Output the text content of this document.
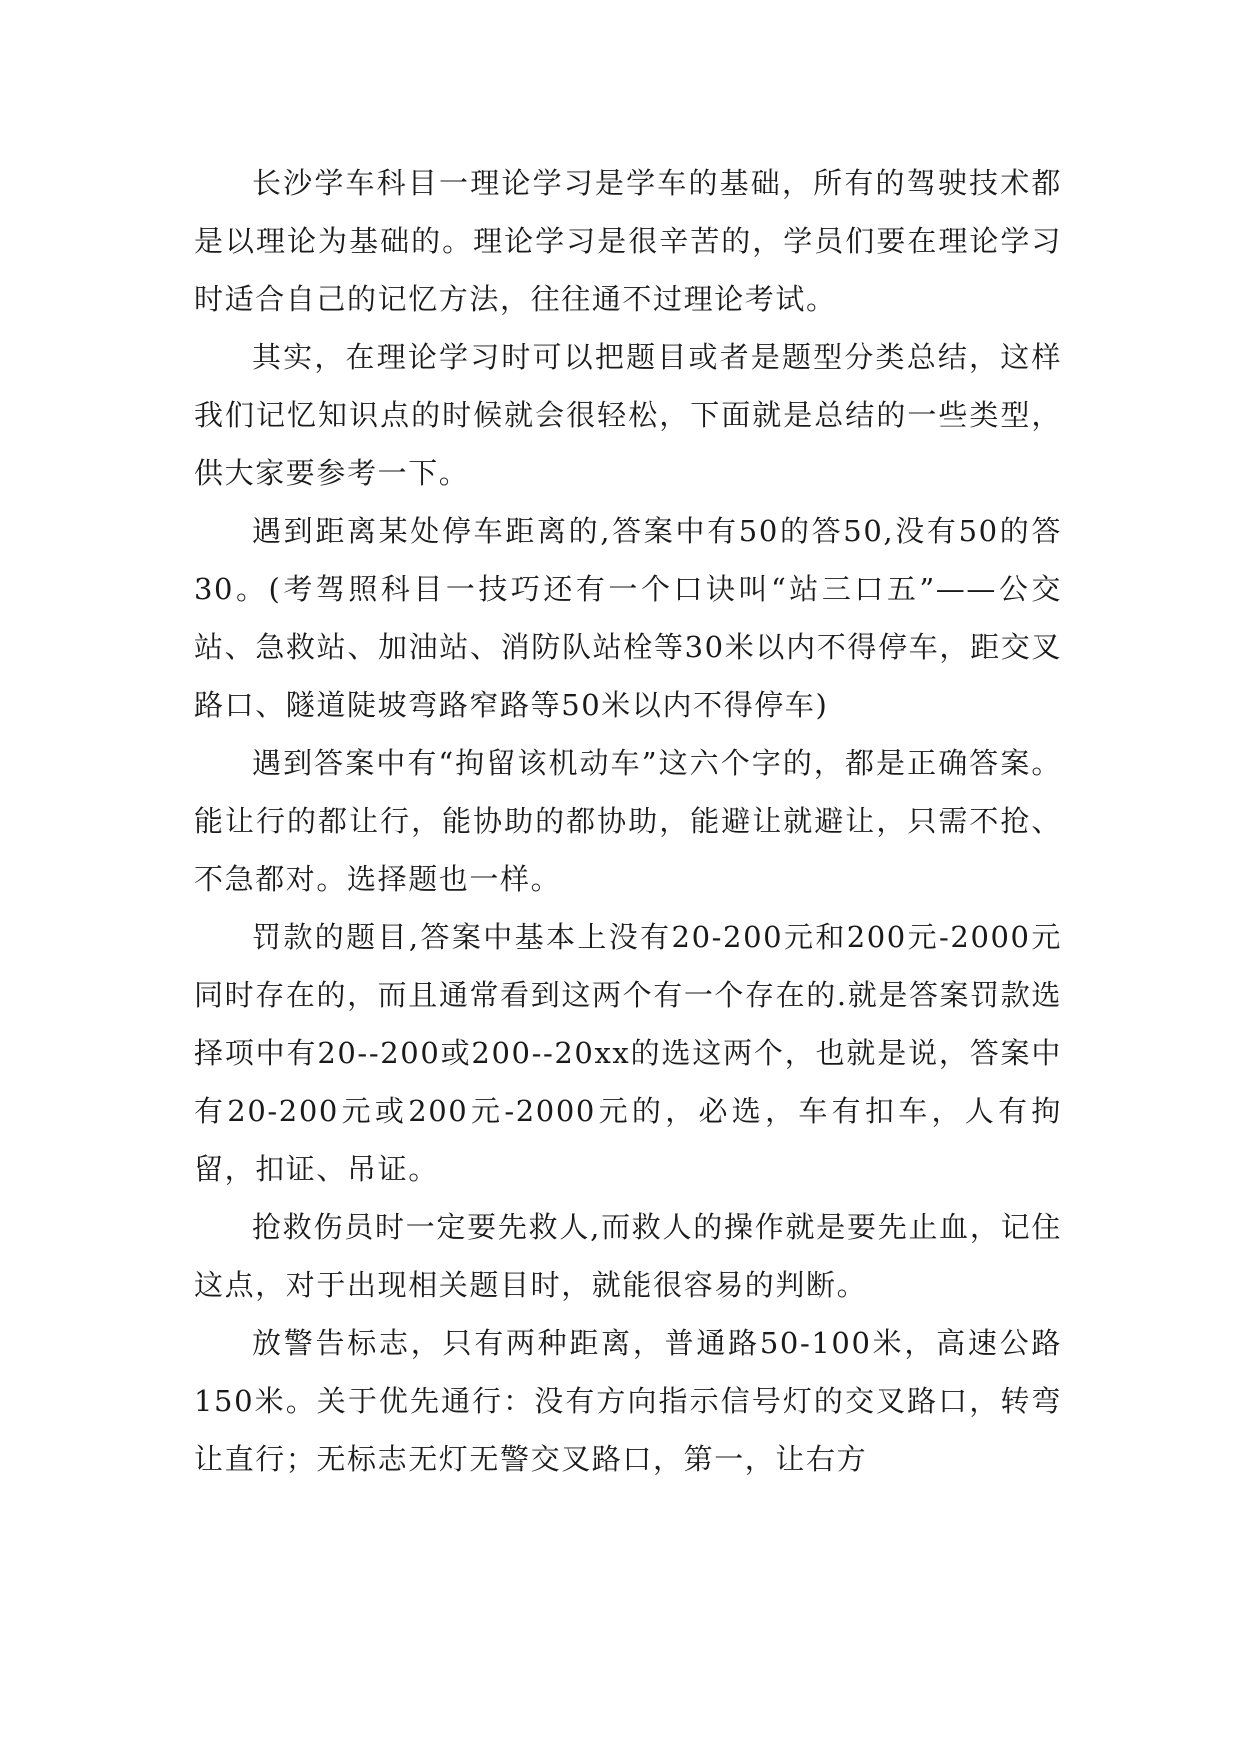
长沙学车科目一理论学习是学车的基础，所有的驾驶技术都是以理论为基础的。理论学习是很辛苦的，学员们要在理论学习时适合自己的记忆方法，往往通不过理论考试。

其实，在理论学习时可以把题目或者是题型分类总结，这样我们记忆知识点的时候就会很轻松，下面就是总结的一些类型，供大家要参考一下。

遇到距离某处停车距离的,答案中有50的答50,没有50的答30。(考驾照科目一技巧还有一个口诀叫“站三口五”——公交站、急救站、加油站、消防队站栓等30米以内不得停车，距交叉路口、隧道陡坡弯路窄路等50米以内不得停车)

遇到答案中有“拘留该机动车”这六个字的，都是正确答案。能让行的都让行，能协助的都协助，能避让就避让，只需不抢、不急都对。选择题也一样。

罚款的题目,答案中基本上没有20-200元和200元-2000元同时存在的，而且通常看到这两个有一个存在的.就是答案罚款选择项中有20--200或200--20xx的选这两个，也就是说，答案中有20-200元或200元-2000元的，必选，车有扣车，人有拘留，扣证、吊证。

抢救伤员时一定要先救人,而救人的操作就是要先止血，记住这点，对于出现相关题目时，就能很容易的判断。

放警告标志，只有两种距离，普通路50-100米，高速公路150米。关于优先通行：没有方向指示信号灯的交叉路口，转弯让直行；无标志无灯无警交叉路口，第一，让右方
